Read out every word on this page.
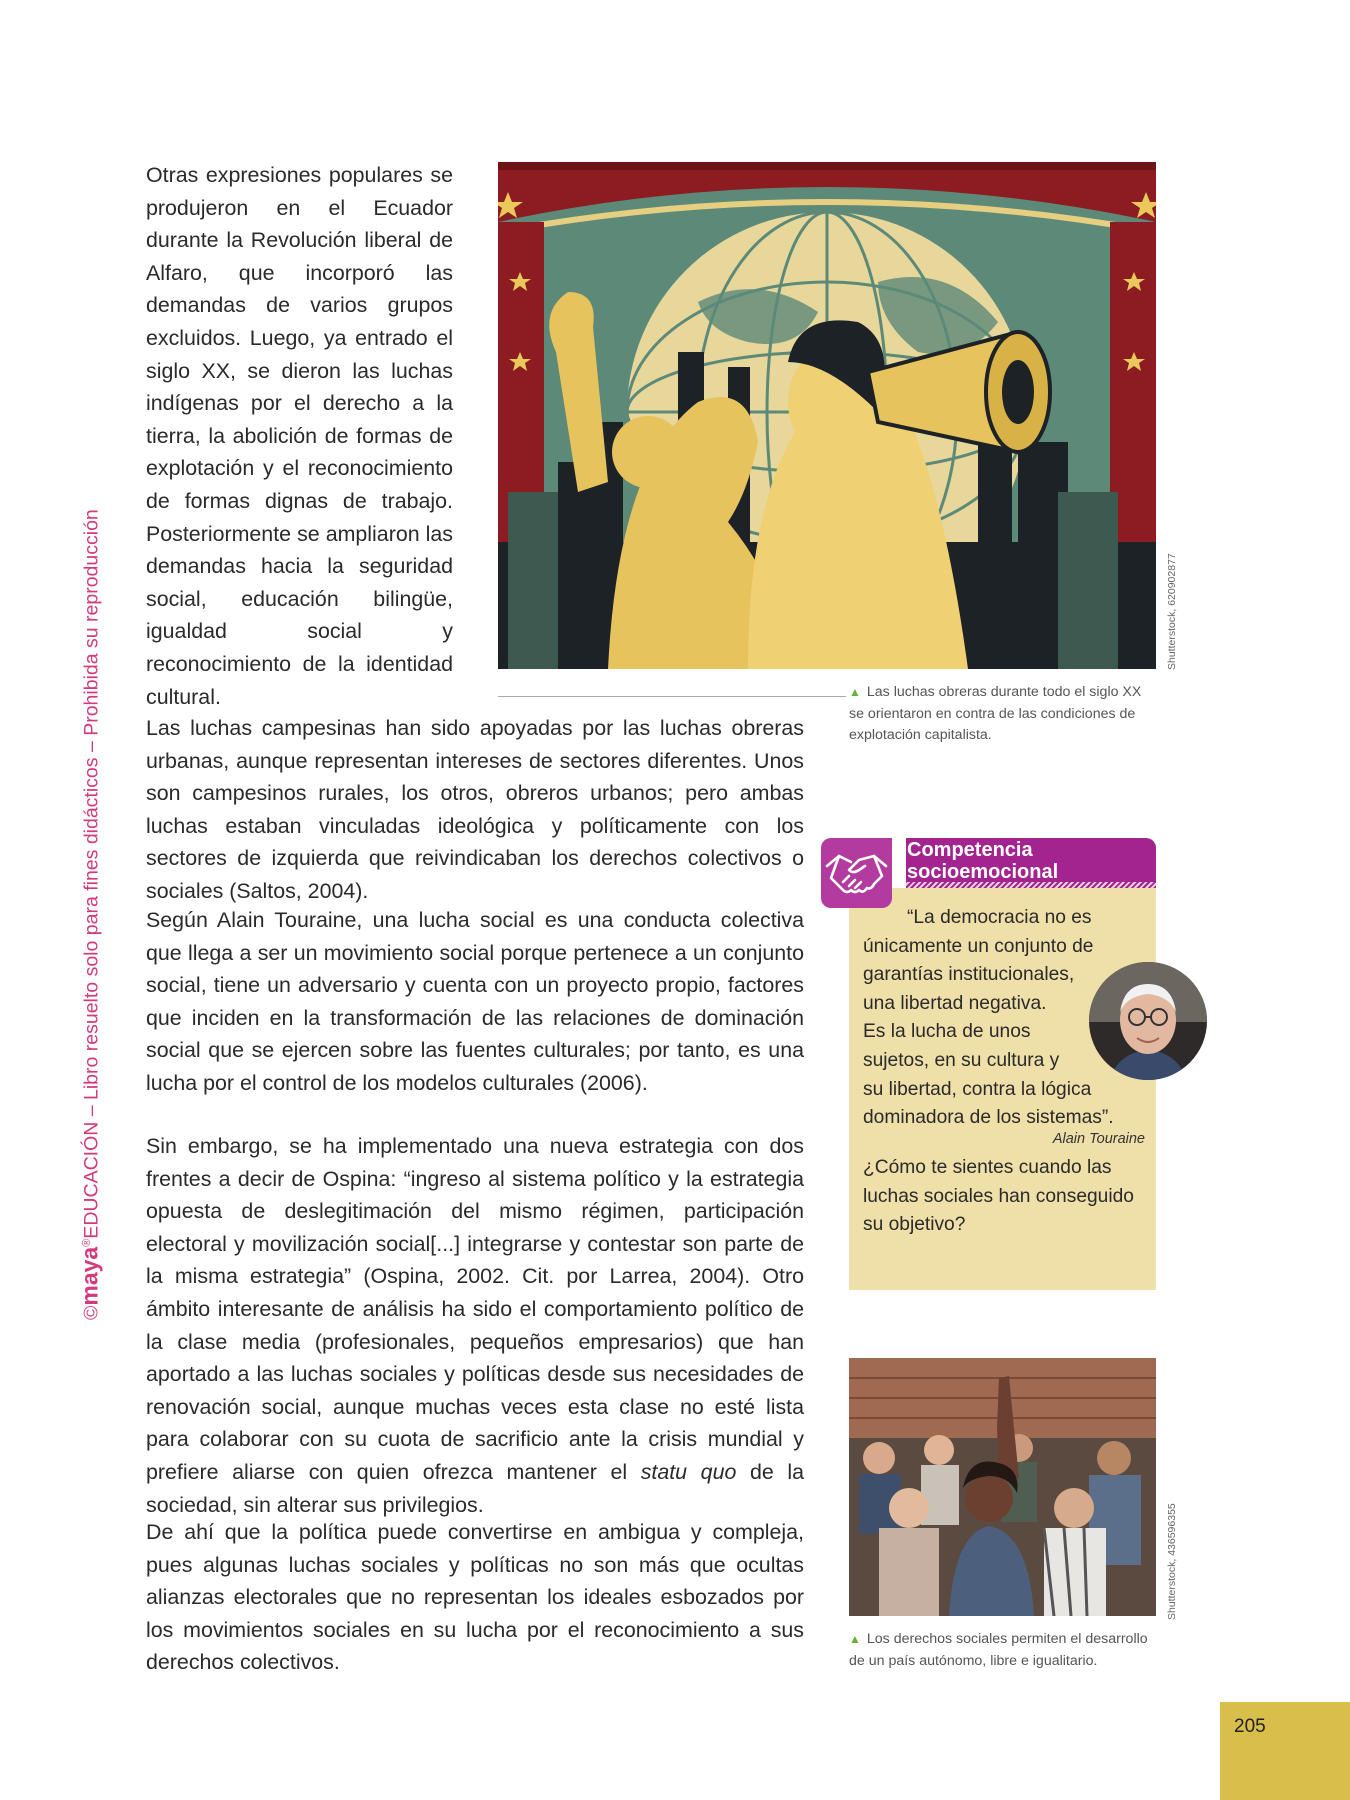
©maya®EDUCACIÓN – Libro resuelto solo para fines didácticos – Prohibida su reproducción

Otras expresiones populares se produjeron en el Ecuador durante la Revolución liberal de Alfaro, que incorporó las demandas de varios grupos excluidos. Luego, ya entrado el siglo XX, se dieron las luchas indígenas por el derecho a la tierra, la abolición de formas de explotación y el reconocimiento de formas dignas de trabajo. Posteriormente se ampliaron las demandas hacia la seguridad social, educación bilingüe, igualdad social y reconocimiento de la identidad cultural.

Las luchas campesinas han sido apoyadas por las luchas obreras urbanas, aunque representan intereses de sectores diferentes. Unos son campesinos rurales, los otros, obreros urbanos; pero ambas luchas estaban vinculadas ideológica y políticamente con los sectores de izquierda que reivindicaban los derechos colectivos o sociales (Saltos, 2004).

Según Alain Touraine, una lucha social es una conducta colectiva que llega a ser un movimiento social porque pertenece a un conjunto social, tiene un adversario y cuenta con un proyecto propio, factores que inciden en la transformación de las relaciones de dominación social que se ejercen sobre las fuentes culturales; por tanto, es una lucha por el control de los modelos culturales (2006).

Sin embargo, se ha implementado una nueva estrategia con dos frentes a decir de Ospina: “ingreso al sistema político y la estrategia opuesta de deslegitimación del mismo régimen, participación electoral y movilización social[...] integrarse y contestar son parte de la misma estrategia” (Ospina, 2002. Cit. por Larrea, 2004). Otro ámbito interesante de análisis ha sido el comportamiento político de la clase media (profesionales, pequeños empresarios) que han aportado a las luchas sociales y políticas desde sus necesidades de renovación social, aunque muchas veces esta clase no esté lista para colaborar con su cuota de sacrificio ante la crisis mundial y prefiere aliarse con quien ofrezca mantener el statu quo de la sociedad, sin alterar sus privilegios.

De ahí que la política puede convertirse en ambigua y compleja, pues algunas luchas sociales y políticas no son más que ocultas alianzas electorales que no representan los ideales esbozados por los movimientos sociales en su lucha por el reconocimiento a sus derechos colectivos.

Shutterstock, 620902877

▲ Las luchas obreras durante todo el siglo XX se orientaron en contra de las condiciones de explotación capitalista.

Competencia
socioemocional
“La democracia no es
únicamente un conjunto de
garantías institucionales,
una libertad negativa.
Es la lucha de unos
sujetos, en su cultura y
su libertad, contra la lógica
dominadora de los sistemas”.
Alain Touraine

¿Cómo te sientes cuando las luchas sociales han conseguido su objetivo?

Shutterstock, 436596355

▲ Los derechos sociales permiten el desarrollo de un país autónomo, libre e igualitario.

205
